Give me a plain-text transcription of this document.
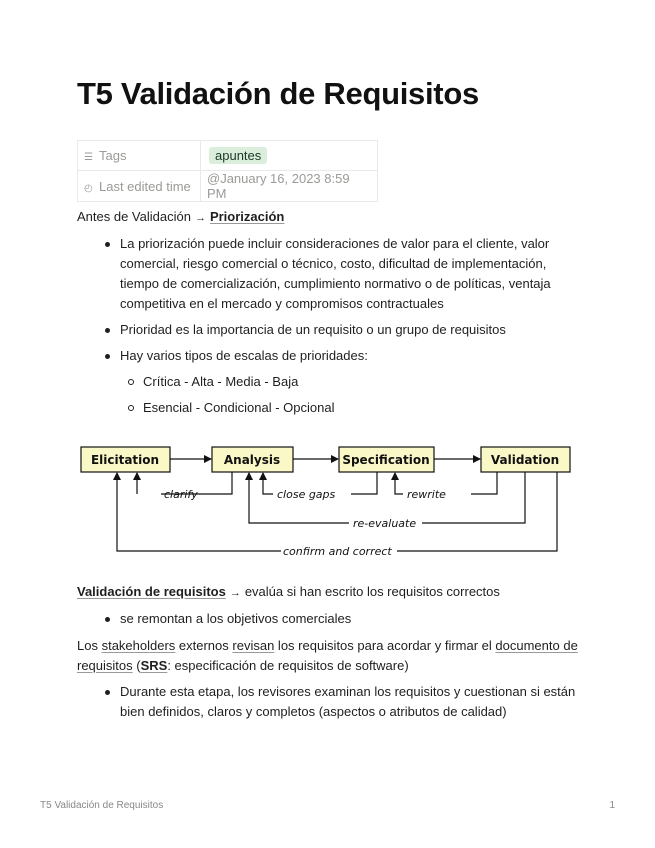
T5 Validación de Requisitos
☰ Tags	apuntes
◴ Last edited time	@January 16, 2023 8:59 PM
Antes de Validación → Priorización
La priorización puede incluir consideraciones de valor para el cliente, valor comercial, riesgo comercial o técnico, costo, dificultad de implementación, tiempo de comercialización, cumplimiento normativo o de políticas, ventaja competitiva en el mercado y compromisos contractuales
Prioridad es la importancia de un requisito o un grupo de requisitos
Hay varios tipos de escalas de prioridades:
Crítica - Alta - Media - Baja
Esencial - Condicional - Opcional
Elicitation	Analysis	Specification	Validation
clarify	close gaps	rewrite
re-evaluate
confirm and correct
Validación de requisitos → evalúa si han escrito los requisitos correctos
se remontan a los objetivos comerciales
Los stakeholders externos revisan los requisitos para acordar y firmar el documento de requisitos (SRS: especificación de requisitos de software)
Durante esta etapa, los revisores examinan los requisitos y cuestionan si están bien definidos, claros y completos (aspectos o atributos de calidad)
T5 Validación de Requisitos	1
